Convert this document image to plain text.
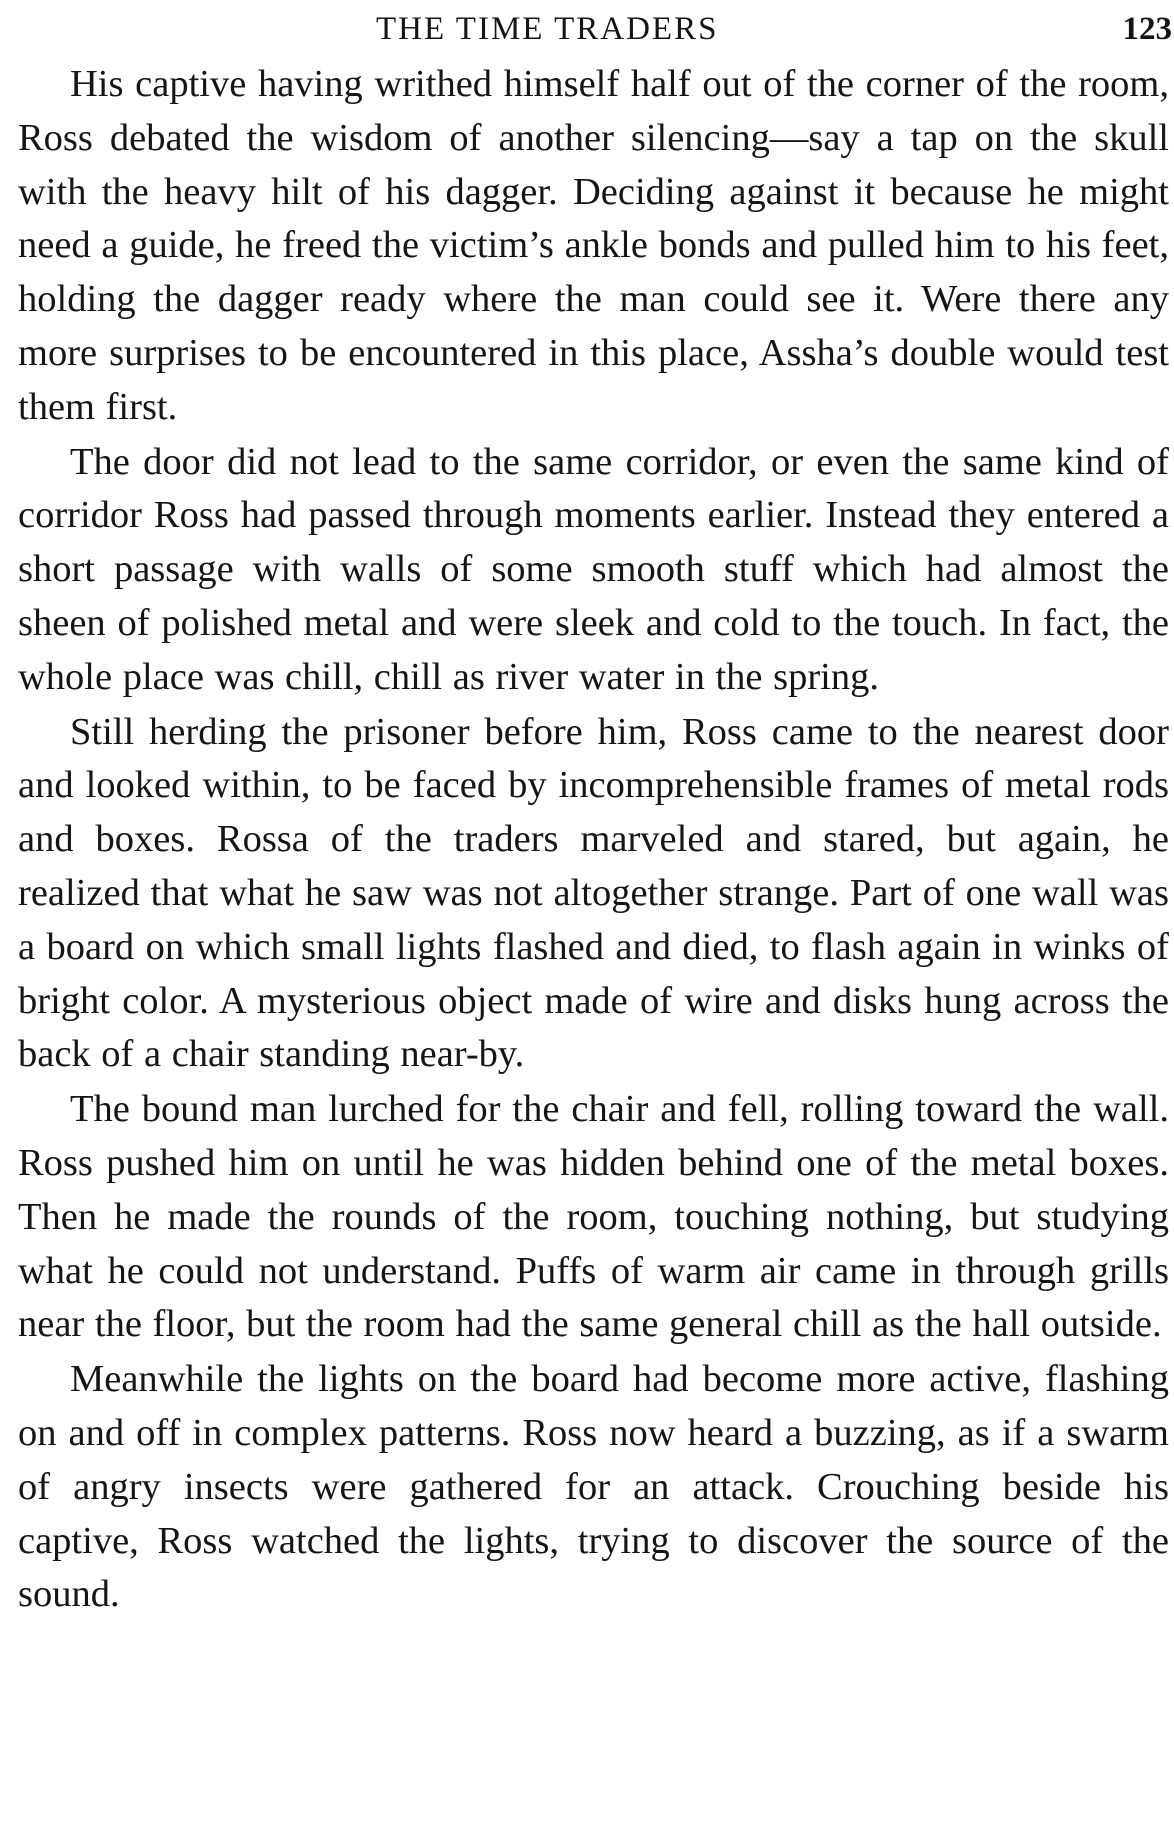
THE TIME TRADERS	123

His captive having writhed himself half out of the corner of the room, Ross debated the wisdom of another silencing—say a tap on the skull with the heavy hilt of his dagger. Deciding against it because he might need a guide, he freed the victim’s ankle bonds and pulled him to his feet, holding the dagger ready where the man could see it. Were there any more surprises to be encountered in this place, Assha’s double would test them first.

The door did not lead to the same corridor, or even the same kind of corridor Ross had passed through moments earlier. Instead they entered a short passage with walls of some smooth stuff which had almost the sheen of polished metal and were sleek and cold to the touch. In fact, the whole place was chill, chill as river water in the spring.

Still herding the prisoner before him, Ross came to the nearest door and looked within, to be faced by incomprehensible frames of metal rods and boxes. Rossa of the traders marveled and stared, but again, he realized that what he saw was not altogether strange. Part of one wall was a board on which small lights flashed and died, to flash again in winks of bright color. A mysterious object made of wire and disks hung across the back of a chair standing near-by.

The bound man lurched for the chair and fell, rolling toward the wall. Ross pushed him on until he was hidden behind one of the metal boxes. Then he made the rounds of the room, touching nothing, but studying what he could not understand. Puffs of warm air came in through grills near the floor, but the room had the same general chill as the hall outside.

Meanwhile the lights on the board had become more active, flashing on and off in complex patterns. Ross now heard a buzzing, as if a swarm of angry insects were gathered for an attack. Crouching beside his captive, Ross watched the lights, trying to discover the source of the sound.
